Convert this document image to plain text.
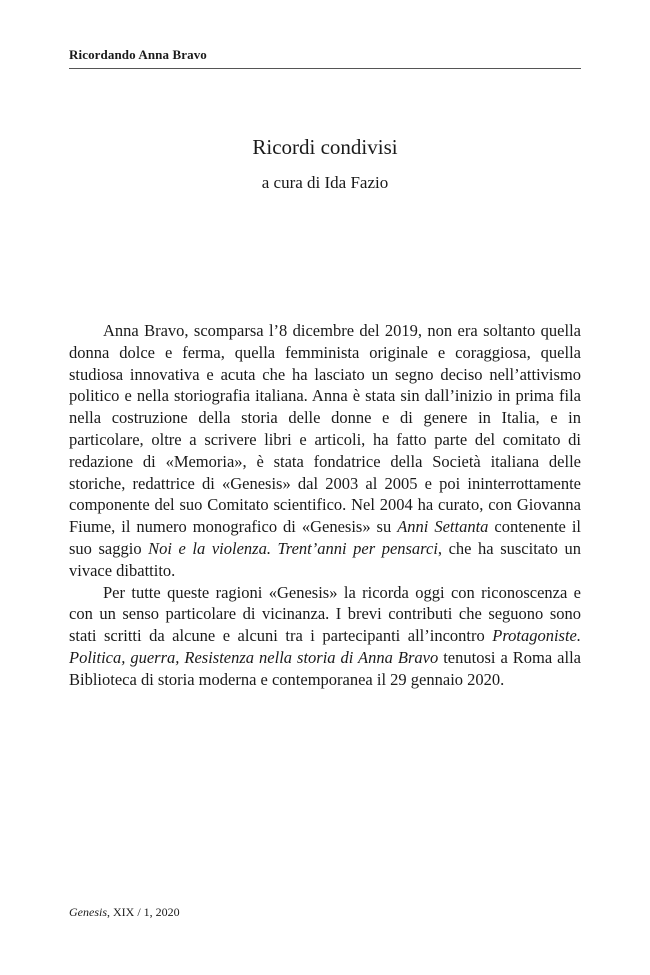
Ricordando Anna Bravo
Ricordi condivisi
a cura di Ida Fazio

Anna Bravo, scomparsa l’8 dicembre del 2019, non era soltanto quella donna dolce e ferma, quella femminista originale e coraggiosa, quella studiosa innovativa e acuta che ha lasciato un segno deciso nell’attivismo politico e nella storiografia italiana. Anna è stata sin dall’inizio in prima fila nella costruzione della storia delle donne e di genere in Italia, e in particolare, oltre a scrivere libri e articoli, ha fatto parte del comitato di redazione di «Memoria», è stata fondatrice della Società italiana delle storiche, redattrice di «Genesis» dal 2003 al 2005 e poi ininterrottamente componente del suo Comitato scientifico. Nel 2004 ha curato, con Giovanna Fiume, il numero monografico di «Genesis» su Anni Settanta contenente il suo saggio Noi e la violenza. Trent’anni per pensarci, che ha suscitato un vivace dibattito.

Per tutte queste ragioni «Genesis» la ricorda oggi con riconoscenza e con un senso particolare di vicinanza. I brevi contributi che seguono sono stati scritti da alcune e alcuni tra i partecipanti all’incontro Protagoniste. Politica, guerra, Resistenza nella storia di Anna Bravo tenutosi a Roma alla Biblioteca di storia moderna e contemporanea il 29 gennaio 2020.

Genesis, XIX / 1, 2020
